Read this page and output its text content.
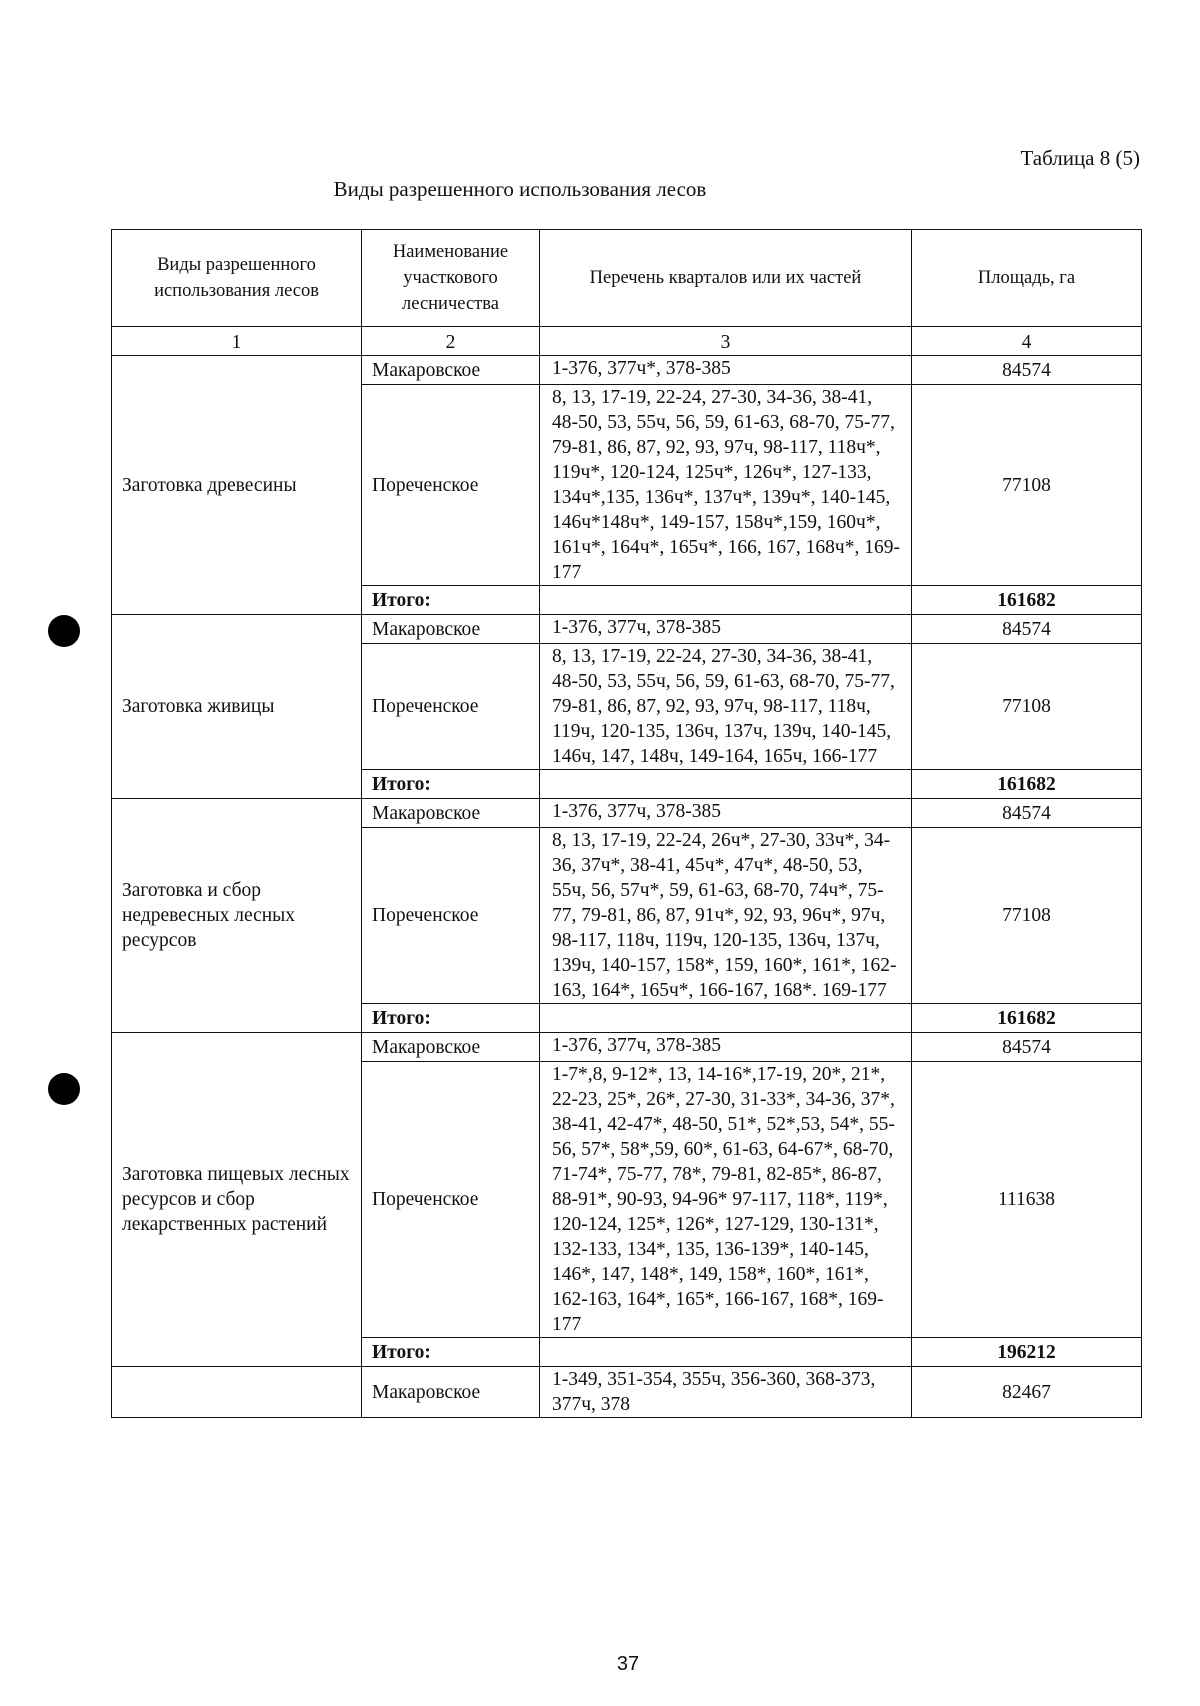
Таблица 8 (5)
Виды разрешенного использования лесов
Виды разрешенного использования лесов	Наименование участкового лесничества	Перечень кварталов или их частей	Площадь, га
1	2	3	4
Заготовка древесины	Макаровское	1-376, 377ч*, 378-385	84574
	Пореченское	8, 13, 17-19, 22-24, 27-30, 34-36, 38-41, 48-50, 53, 55ч, 56, 59, 61-63, 68-70, 75-77, 79-81, 86, 87, 92, 93, 97ч, 98-117, 118ч*, 119ч*, 120-124, 125ч*, 126ч*, 127-133, 134ч*,135, 136ч*, 137ч*, 139ч*, 140-145, 146ч*148ч*, 149-157, 158ч*,159, 160ч*, 161ч*, 164ч*, 165ч*, 166, 167, 168ч*, 169-177	77108
	Итого:		161682
Заготовка живицы	Макаровское	1-376, 377ч, 378-385	84574
	Пореченское	8, 13, 17-19, 22-24, 27-30, 34-36, 38-41, 48-50, 53, 55ч, 56, 59, 61-63, 68-70, 75-77, 79-81, 86, 87, 92, 93, 97ч, 98-117, 118ч, 119ч, 120-135, 136ч, 137ч, 139ч, 140-145, 146ч, 147, 148ч, 149-164, 165ч, 166-177	77108
	Итого:		161682
Заготовка и сбор недревесных лесных ресурсов	Макаровское	1-376, 377ч, 378-385	84574
	Пореченское	8, 13, 17-19, 22-24, 26ч*, 27-30, 33ч*, 34-36, 37ч*, 38-41, 45ч*, 47ч*, 48-50, 53, 55ч, 56, 57ч*, 59, 61-63, 68-70, 74ч*, 75-77, 79-81, 86, 87, 91ч*, 92, 93, 96ч*, 97ч, 98-117, 118ч, 119ч, 120-135, 136ч, 137ч, 139ч, 140-157, 158*, 159, 160*, 161*, 162-163, 164*, 165ч*, 166-167, 168*. 169-177	77108
	Итого:		161682
Заготовка пищевых лесных ресурсов и сбор лекарственных растений	Макаровское	1-376, 377ч, 378-385	84574
	Пореченское	1-7*,8, 9-12*, 13, 14-16*,17-19, 20*, 21*, 22-23, 25*, 26*, 27-30, 31-33*, 34-36, 37*, 38-41, 42-47*, 48-50, 51*, 52*,53, 54*, 55-56, 57*, 58*,59, 60*, 61-63, 64-67*, 68-70, 71-74*, 75-77, 78*, 79-81, 82-85*, 86-87, 88-91*, 90-93, 94-96* 97-117, 118*, 119*, 120-124, 125*, 126*, 127-129, 130-131*, 132-133, 134*, 135, 136-139*, 140-145, 146*, 147, 148*, 149, 158*, 160*, 161*, 162-163, 164*, 165*, 166-167, 168*, 169-177	111638
	Итого:		196212
	Макаровское	1-349, 351-354, 355ч, 356-360, 368-373, 377ч, 378	82467
37
